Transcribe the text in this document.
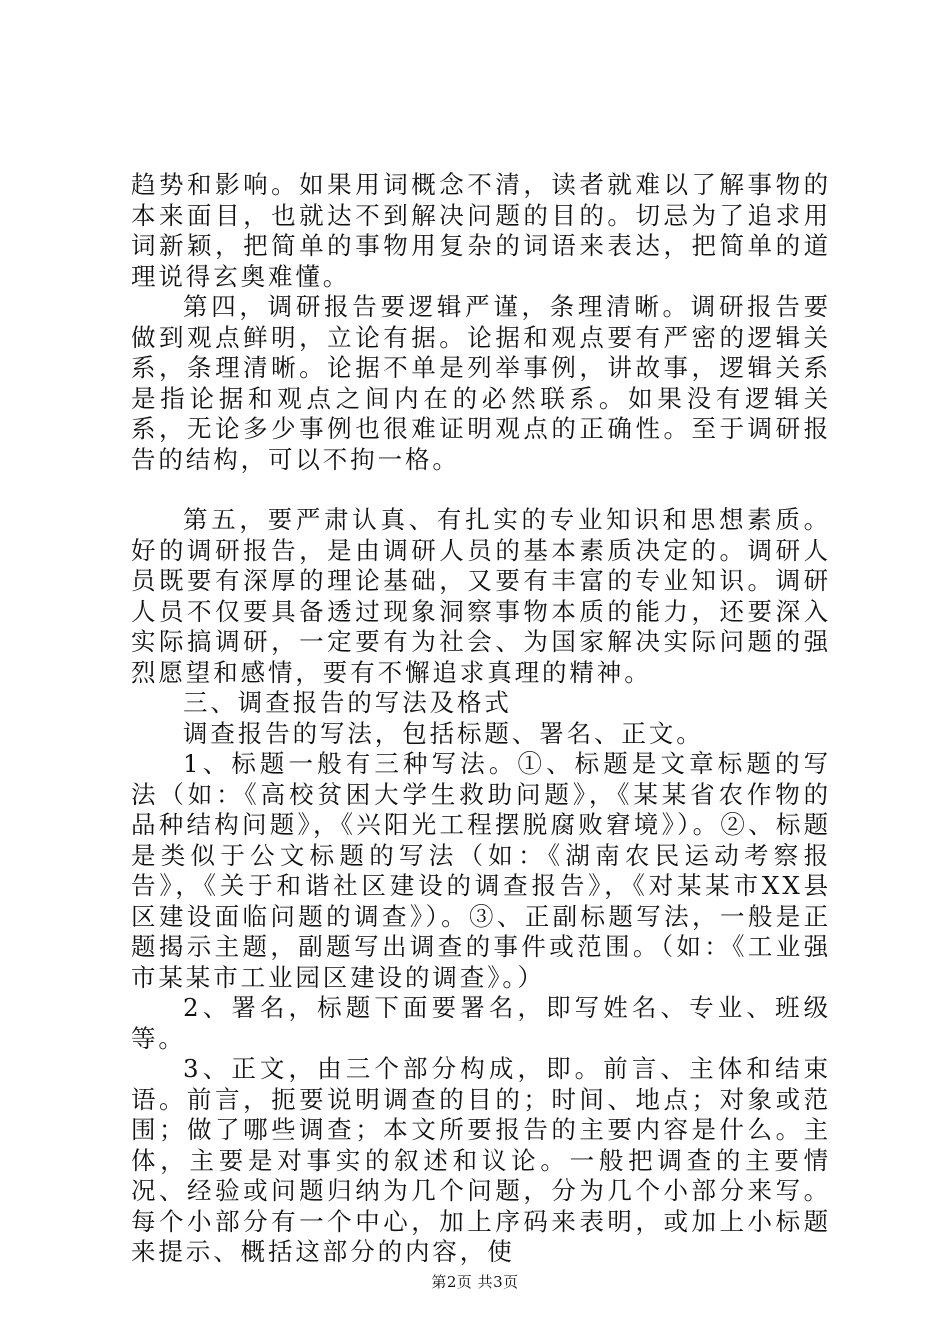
趋势和影响。如果用词概念不清，读者就难以了解事物的本来面目，也就达不到解决问题的目的。切忌为了追求用词新颖，把简单的事物用复杂的词语来表达，把简单的道理说得玄奥难懂。

第四，调研报告要逻辑严谨，条理清晰。调研报告要做到观点鲜明，立论有据。论据和观点要有严密的逻辑关系，条理清晰。论据不单是列举事例，讲故事，逻辑关系是指论据和观点之间内在的必然联系。如果没有逻辑关系，无论多少事例也很难证明观点的正确性。至于调研报告的结构，可以不拘一格。

第五，要严肃认真、有扎实的专业知识和思想素质。好的调研报告，是由调研人员的基本素质决定的。调研人员既要有深厚的理论基础，又要有丰富的专业知识。调研人员不仅要具备透过现象洞察事物本质的能力，还要深入实际搞调研，一定要有为社会、为国家解决实际问题的强烈愿望和感情，要有不懈追求真理的精神。

三、调查报告的写法及格式

调查报告的写法，包括标题、署名、正文。

1、标题一般有三种写法。①、标题是文章标题的写法（如：《高校贫困大学生救助问题》，《某某省农作物的品种结构问题》，《兴阳光工程摆脱腐败窘境》）。②、标题是类似于公文标题的写法（如：《湖南农民运动考察报告》，《关于和谐社区建设的调查报告》，《对某某市XX县区建设面临问题的调查》）。③、正副标题写法，一般是正题揭示主题，副题写出调查的事件或范围。（如：《工业强市某某市工业园区建设的调查》。）

2、署名，标题下面要署名，即写姓名、专业、班级等。

3、正文，由三个部分构成，即。前言、主体和结束语。前言，扼要说明调查的目的；时间、地点；对象或范围；做了哪些调查；本文所要报告的主要内容是什么。主体，主要是对事实的叙述和议论。一般把调查的主要情况、经验或问题归纳为几个问题，分为几个小部分来写。每个小部分有一个中心，加上序码来表明，或加上小标题来提示、概括这部分的内容，使

第2页 共3页
